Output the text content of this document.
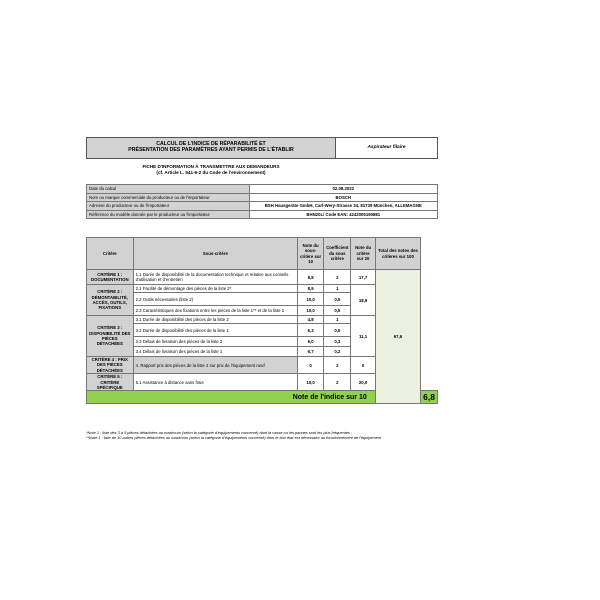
CALCUL DE L'INDICE DE RÉPARABILITÉ ET
PRÉSENTATION DES PARAMÈTRES AYANT PERMIS DE L'ÉTABLIR	Aspirateur filaire
FICHE D'INFORMATION À TRANSMETTRE AUX DEMANDEURS
(cf. Article L. 541-9-2 du Code de l'environnement)
Date du calcul	02.08.2022
Nom ou marque commerciale du producteur ou de l'importateur	BOSCH
Adresse du producteur ou de l'importateur	BSH Hausgeräte GmbH, Carl-Wery-Strasse 34, 81739 München, ALLEMAGNE
Référence du modèle donnée par le producteur ou l'importateur	BHN20L/ Code EAN: 4242005190881
Critère	Sous-critère	Note du sous-critère sur 10	Coefficient du sous critère	Note du critère sur 20	Total des notes des critères sur 100	
CRITÈRE 1 : DOCUMENTATION	1.1 Durée de disponibilité de la documentation technique et relative aux conseils d'utilisation et d'entretien	8,8	2	17,7	67,6	
CRITÈRE 2 : DÉMONTABILITÉ, ACCÈS, OUTILS, FIXATIONS	2.1 Facilité de démontage des pièces de la liste 2*	8,9	1	18,9		
	2.2 Outils nécessaires (liste 2)	10,0	0,5			
	2.3 Caractéristiques des fixations entre les pièces de la liste 1** et de la liste 2	10,0	0,5			
CRITÈRE 3 : DISPONIBILITÉ DES PIÈCES DÉTACHÉES	3.1 Durée de disponibilité des pièces de la liste 2	4,8	1	11,1		
	3.2 Durée de disponibilité des pièces de la liste 1	6,3	0,5			
	3.3 Délais de livraison des pièces de la liste 2	6,0	0,3			
	3.4 Délais de livraison des pièces de la liste 1	6,7	0,2			
CRITÈRE 4 : PRIX DES PIÈCES DÉTACHÉES	4. Rapport prix des pièces de la liste 2 sur prix de l'équipement neuf	0	2	0		
CRITÈRE 5 : CRITÈRE SPÉCIFIQUE	5.1 Assistance à distance sans frais	10,0	2	20,0		
Note de l'indice sur 10						6,8
*Note 1 : liste des 3 à 5 pièces détachées au maximum (selon la catégorie d'équipements concerné) dont la casse ou les pannes sont les plus fréquentes ;
**Note 1 : liste de 10 autres pièces détachées au maximum (selon la catégorie d'équipements concerné) dont le bon état est nécessaire au fonctionnement de l'équipement
